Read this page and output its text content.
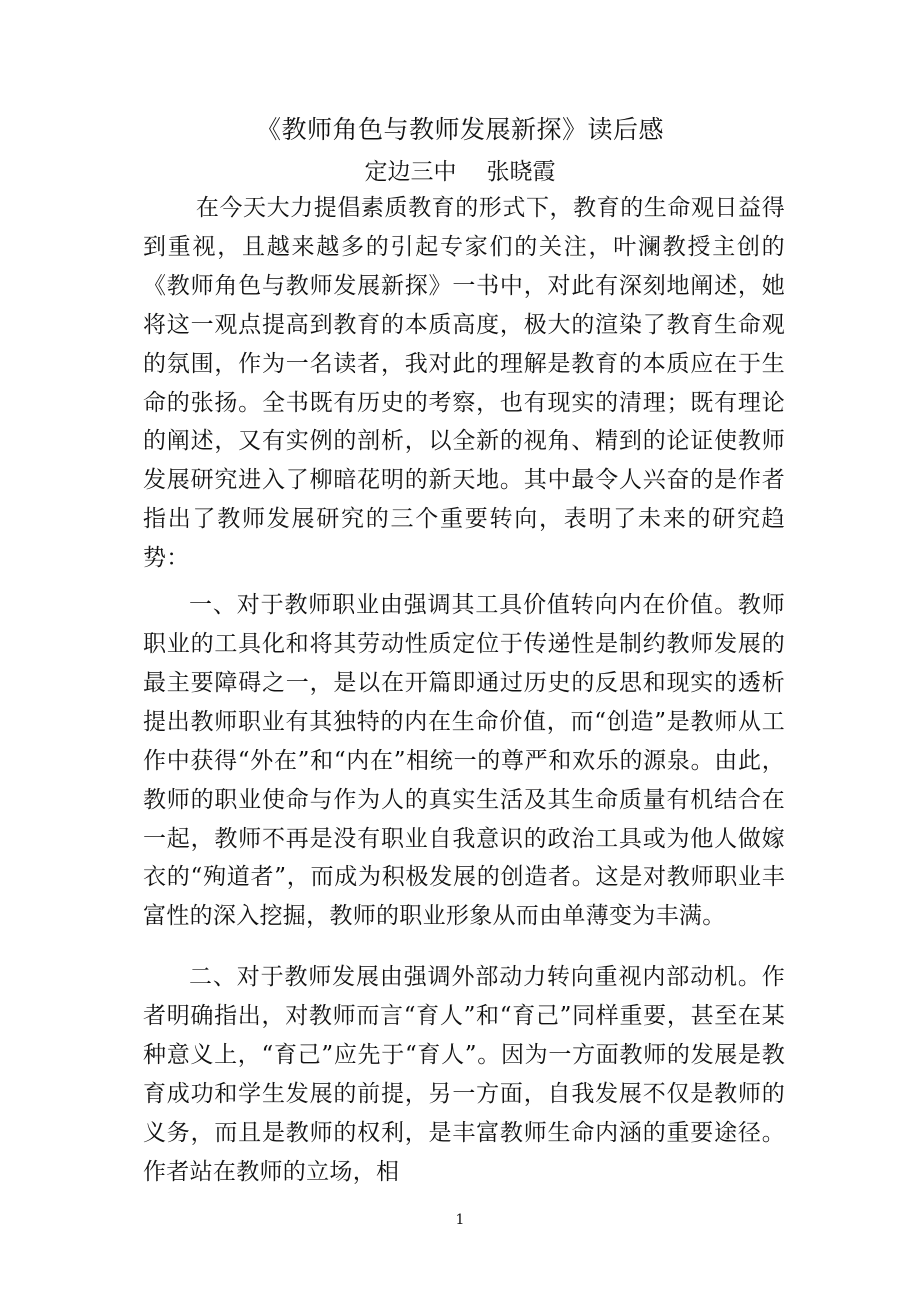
《教师角色与教师发展新探》读后感
定边三中 张晓霞

在今天大力提倡素质教育的形式下，教育的生命观日益得到重视，且越来越多的引起专家们的关注，叶澜教授主创的《教师角色与教师发展新探》一书中，对此有深刻地阐述，她将这一观点提高到教育的本质高度，极大的渲染了教育生命观的氛围，作为一名读者，我对此的理解是教育的本质应在于生命的张扬。全书既有历史的考察，也有现实的清理；既有理论的阐述，又有实例的剖析，以全新的视角、精到的论证使教师发展研究进入了柳暗花明的新天地。其中最令人兴奋的是作者指出了教师发展研究的三个重要转向，表明了未来的研究趋势：

一、对于教师职业由强调其工具价值转向内在价值。教师职业的工具化和将其劳动性质定位于传递性是制约教师发展的最主要障碍之一，是以在开篇即通过历史的反思和现实的透析提出教师职业有其独特的内在生命价值，而“创造”是教师从工作中获得“外在”和“内在”相统一的尊严和欢乐的源泉。由此，教师的职业使命与作为人的真实生活及其生命质量有机结合在一起，教师不再是没有职业自我意识的政治工具或为他人做嫁衣的“殉道者”，而成为积极发展的创造者。这是对教师职业丰富性的深入挖掘，教师的职业形象从而由单薄变为丰满。

二、对于教师发展由强调外部动力转向重视内部动机。作者明确指出，对教师而言“育人”和“育己”同样重要，甚至在某种意义上，“育己”应先于“育人”。因为一方面教师的发展是教育成功和学生发展的前提，另一方面，自我发展不仅是教师的义务，而且是教师的权利，是丰富教师生命内涵的重要途径。作者站在教师的立场，相

1
